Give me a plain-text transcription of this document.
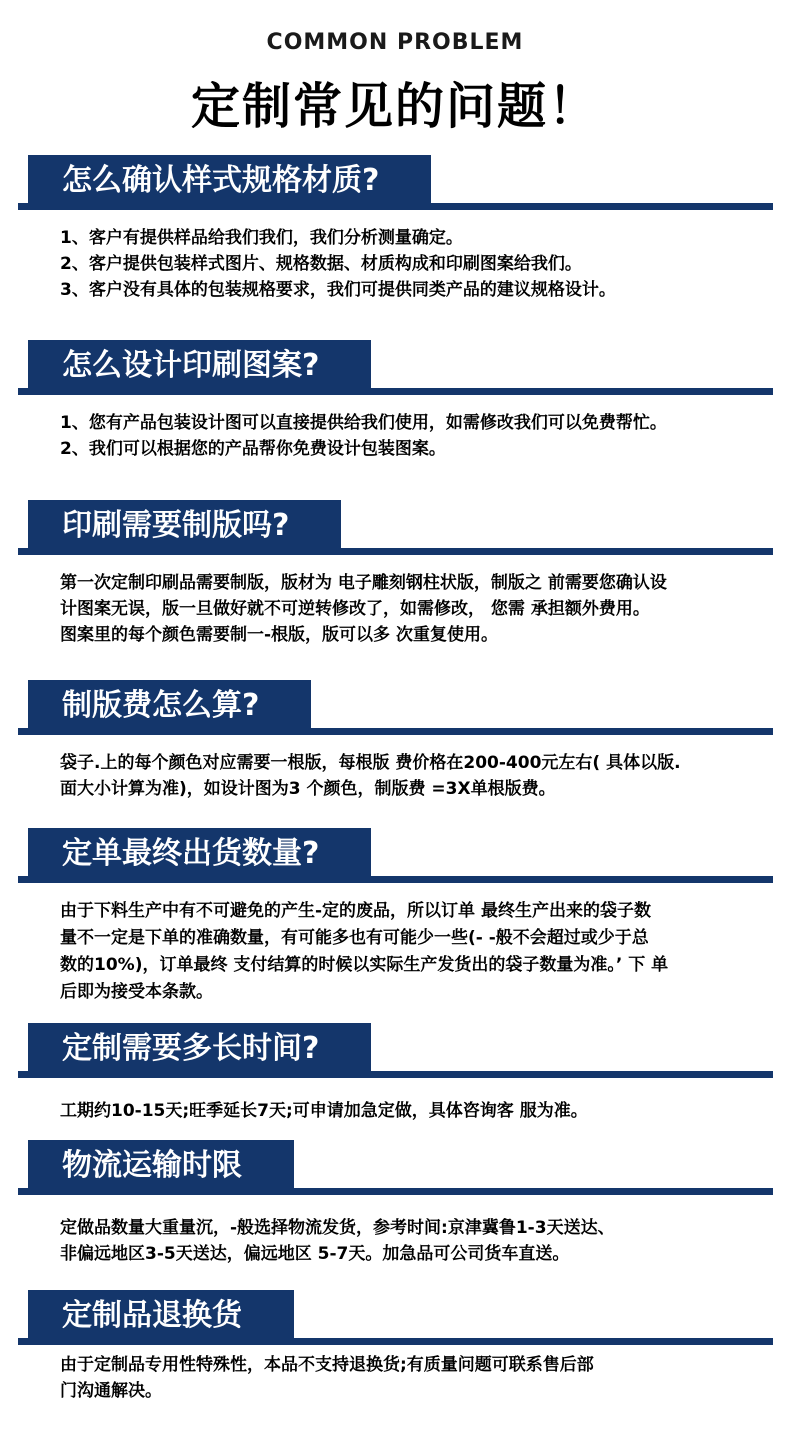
COMMON PROBLEM
定制常见的问题！
怎么确认样式规格材质?
1、客户有提供样品给我们我们，我们分析测量确定。
2、客户提供包装样式图片、规格数据、材质构成和印刷图案给我们。
3、客户没有具体的包装规格要求，我们可提供同类产品的建议规格设计。
怎么设计印刷图案?
1、您有产品包装设计图可以直接提供给我们使用，如需修改我们可以免费帮忙。
2、我们可以根据您的产品帮你免费设计包装图案。
印刷需要制版吗?
第一次定制印刷品需要制版，版材为 电子雕刻钢柱状版，制版之 前需要您确认设
计图案无误，版一旦做好就不可逆转修改了，如需修改， 您需 承担额外费用。
图案里的每个颜色需要制一-根版，版可以多 次重复使用。
制版费怎么算?
袋子.上的每个颜色对应需要一根版，每根版 费价格在200-400元左右( 具体以版.
面大小计算为准)，如设计图为3 个颜色，制版费 =3X单根版费。
定单最终出货数量?
由于下料生产中有不可避免的产生-定的废品，所以订单 最终生产出来的袋子数
量不一定是下单的准确数量，有可能多也有可能少一些(- -般不会超过或少于总
数的10%)，订单最终 支付结算的时候以实际生产发货出的袋子数量为准。’ 下 单
后即为接受本条款。
定制需要多长时间?
工期约10-15天;旺季延长7天;可申请加急定做，具体咨询客 服为准。
物流运输时限
定做品数量大重量沉，-般选择物流发货，参考时间:京津冀鲁1-3天送达、
非偏远地区3-5天送达，偏远地区 5-7天。加急品可公司货车直送。
定制品退换货
由于定制品专用性特殊性，本品不支持退换货;有质量问题可联系售后部
门沟通解决。
